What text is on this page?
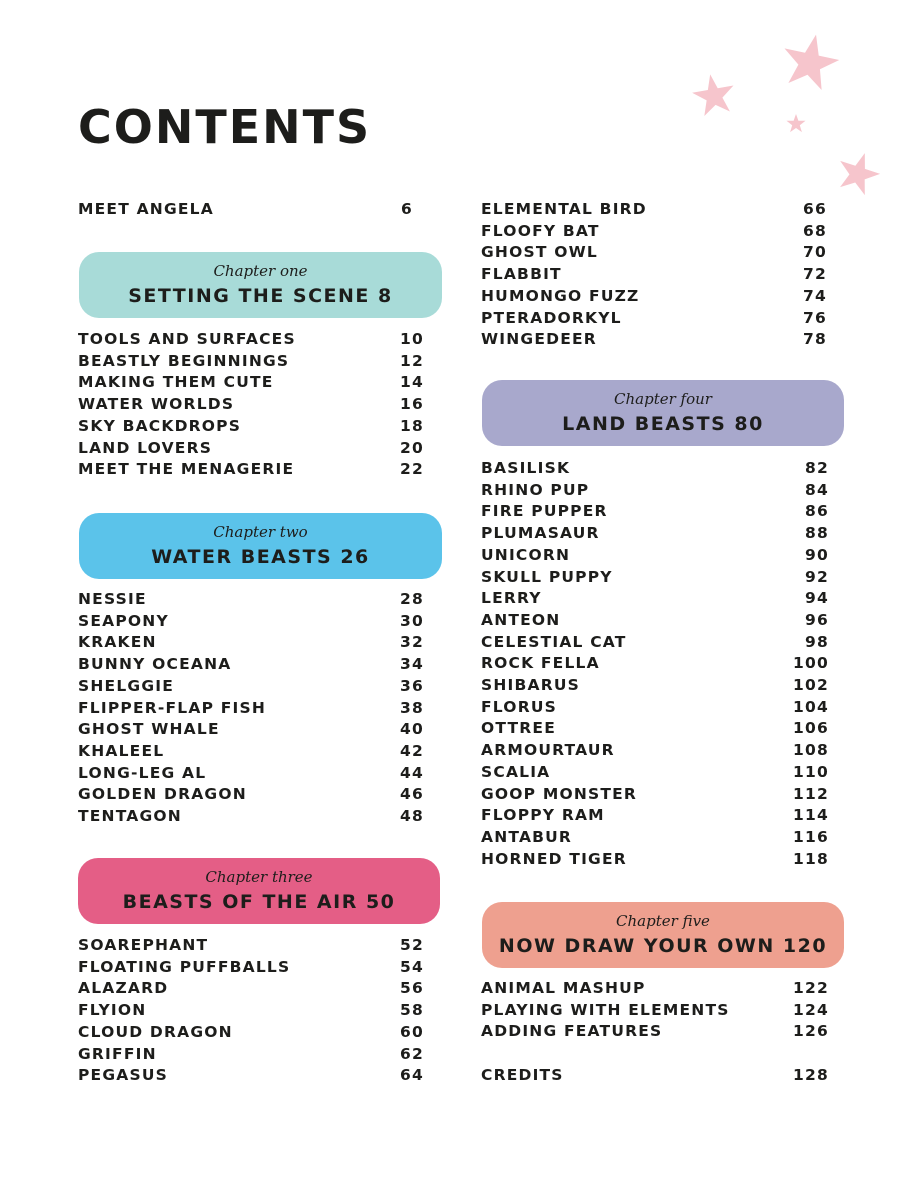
CONTENTS
MEET ANGELA	6
Chapter one
SETTING THE SCENE 8
TOOLS AND SURFACES	10
BEASTLY BEGINNINGS	12
MAKING THEM CUTE	14
WATER WORLDS	16
SKY BACKDROPS	18
LAND LOVERS	20
MEET THE MENAGERIE	22
Chapter two
WATER BEASTS 26
NESSIE	28
SEAPONY	30
KRAKEN	32
BUNNY OCEANA	34
SHELGGIE	36
FLIPPER-FLAP FISH	38
GHOST WHALE	40
KHALEEL	42
LONG-LEG AL	44
GOLDEN DRAGON	46
TENTAGON	48
Chapter three
BEASTS OF THE AIR 50
SOAREPHANT	52
FLOATING PUFFBALLS	54
ALAZARD	56
FLYION	58
CLOUD DRAGON	60
GRIFFIN	62
PEGASUS	64
ELEMENTAL BIRD	66
FLOOFY BAT	68
GHOST OWL	70
FLABBIT	72
HUMONGO FUZZ	74
PTERADORKYL	76
WINGEDEER	78
Chapter four
LAND BEASTS 80
BASILISK	82
RHINO PUP	84
FIRE PUPPER	86
PLUMASAUR	88
UNICORN	90
SKULL PUPPY	92
LERRY	94
ANTEON	96
CELESTIAL CAT	98
ROCK FELLA	100
SHIBARUS	102
FLORUS	104
OTTREE	106
ARMOURTAUR	108
SCALIA	110
GOOP MONSTER	112
FLOPPY RAM	114
ANTABUR	116
HORNED TIGER	118
Chapter five
NOW DRAW YOUR OWN 120
ANIMAL MASHUP	122
PLAYING WITH ELEMENTS	124
ADDING FEATURES	126
CREDITS	128
